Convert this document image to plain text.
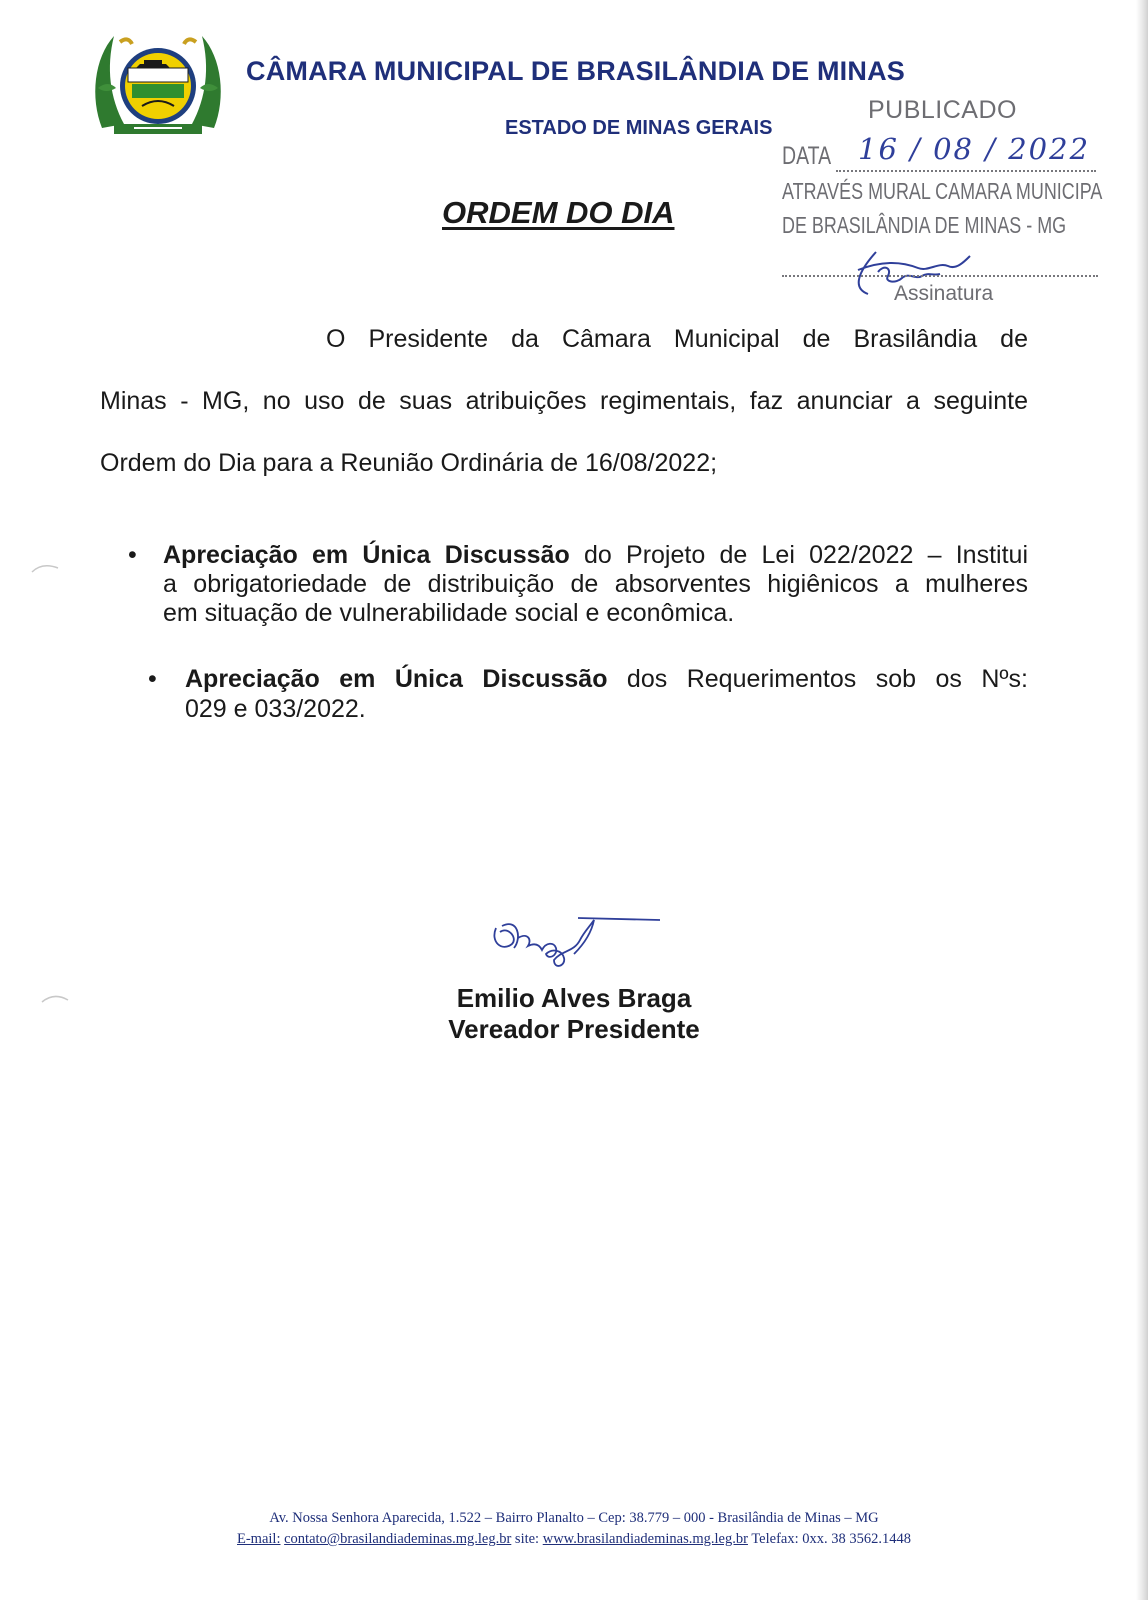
CÂMARA MUNICIPAL DE BRASILÂNDIA DE MINAS
ESTADO DE MINAS GERAIS
PUBLICADO
DATA 16 / 08 / 2022
ATRAVÉS MURAL CAMARA MUNICIPA
DE BRASILÂNDIA DE MINAS - MG
Assinatura
ORDEM DO DIA
O Presidente da Câmara Municipal de Brasilândia de
Minas - MG, no uso de suas atribuições regimentais, faz anunciar a seguinte
Ordem do Dia para a Reunião Ordinária de 16/08/2022;
• Apreciação em Única Discussão do Projeto de Lei 022/2022 – Institui
a obrigatoriedade de distribuição de absorventes higiênicos a mulheres
em situação de vulnerabilidade social e econômica.
• Apreciação em Única Discussão dos Requerimentos sob os Nºs:
029 e 033/2022.
Emilio Alves Braga
Vereador Presidente
Av. Nossa Senhora Aparecida, 1.522 – Bairro Planalto – Cep: 38.779 – 000 - Brasilândia de Minas – MG
E-mail: contato@brasilandiademinas.mg.leg.br site: www.brasilandiademinas.mg.leg.br Telefax: 0xx. 38 3562.1448
